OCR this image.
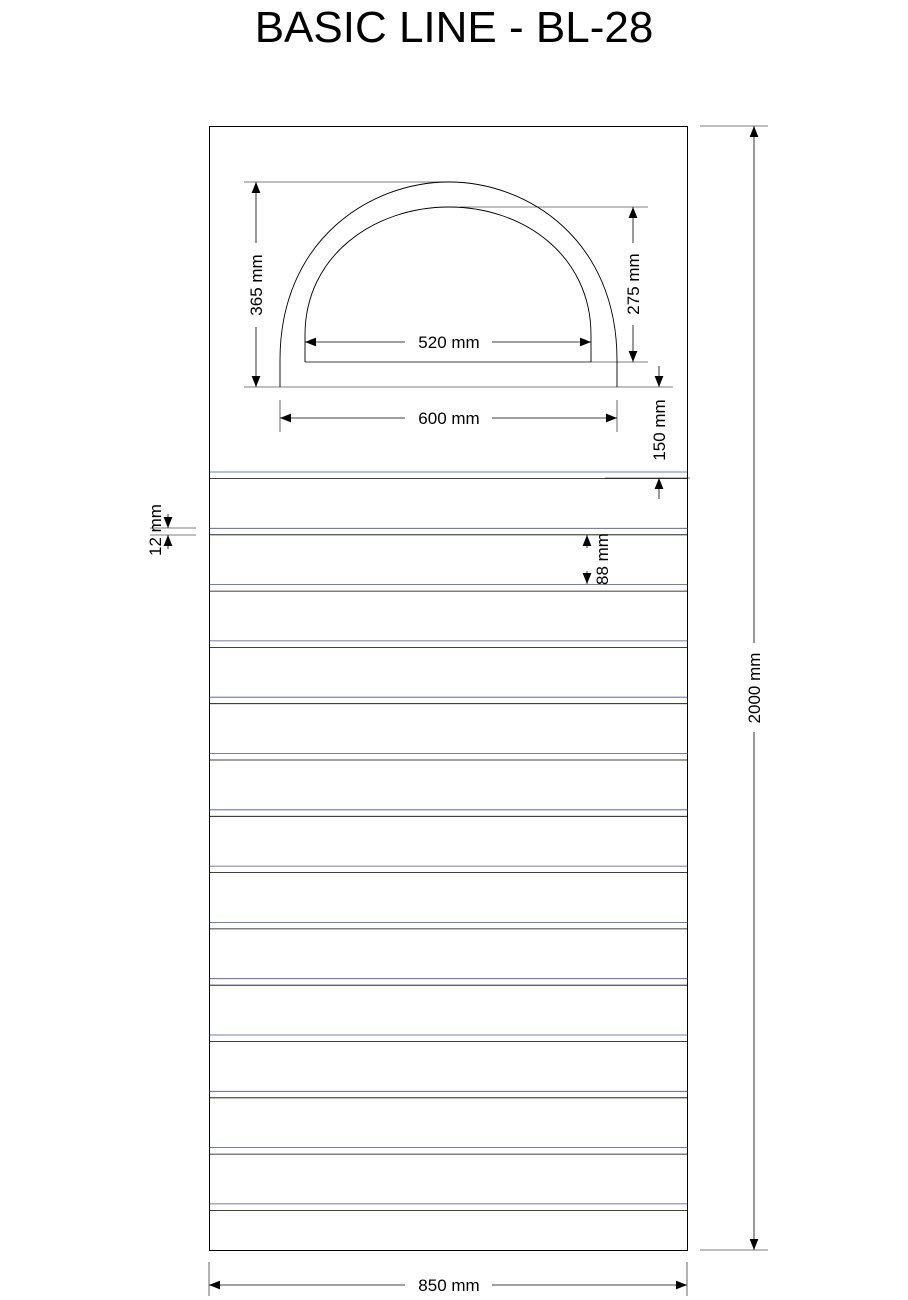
BASIC LINE - BL-28
365 mm	275 mm
520 mm
600 mm	150 mm
12 mm
88 mm
2000 mm
850 mm
